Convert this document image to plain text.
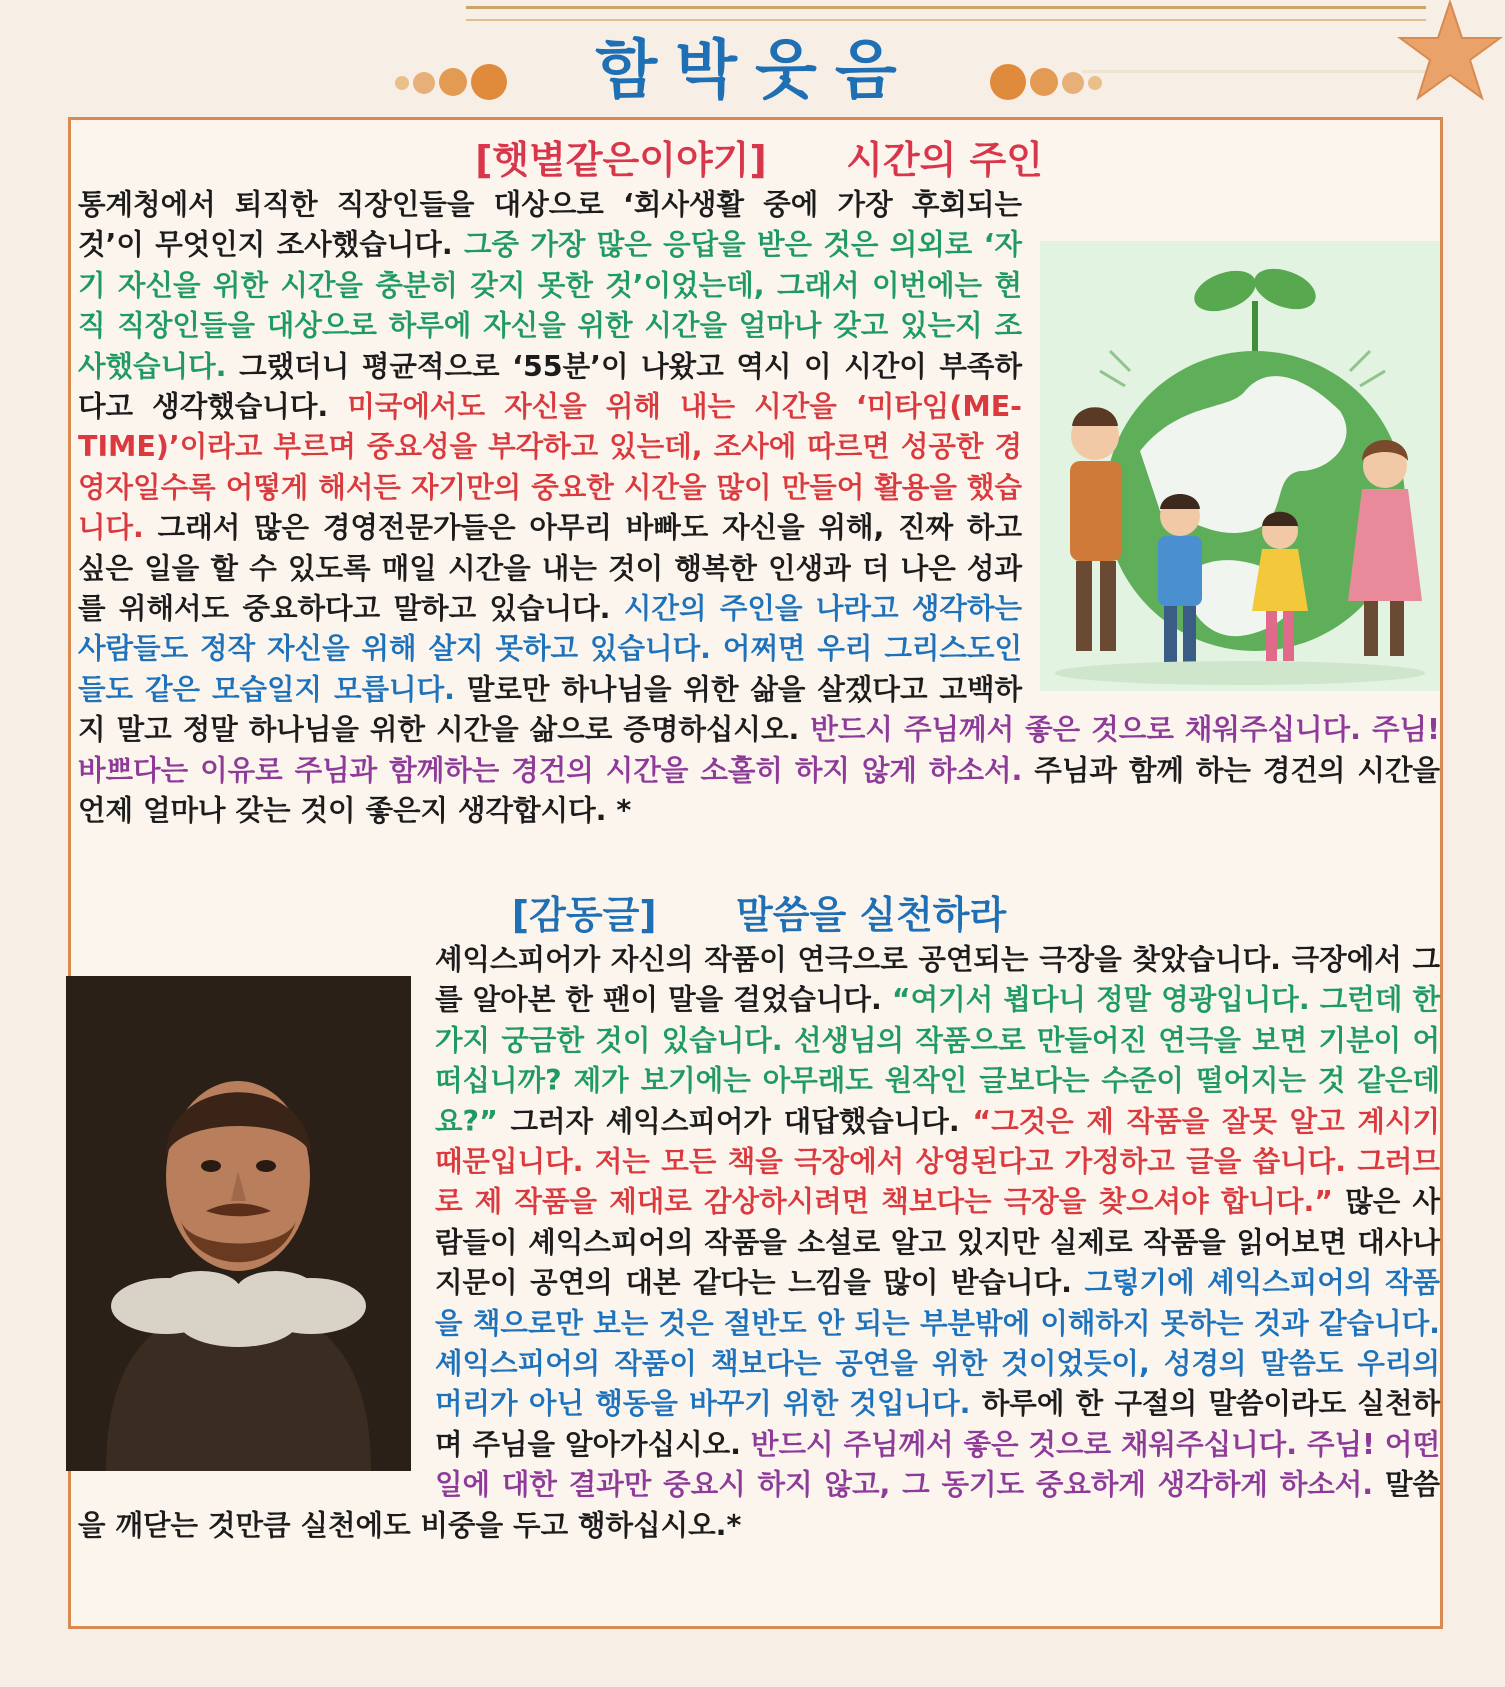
함박웃음
[햇볕같은이야기] 시간의 주인
통계청에서 퇴직한 직장인들을 대상으로 ‘회사생활 중에 가장 후회되는 것’이 무엇인지 조사했습니다. 그중 가장 많은 응답을 받은 것은 의외로 ‘자기 자신을 위한 시간을 충분히 갖지 못한 것’이었는데, 그래서 이번에는 현직 직장인들을 대상으로 하루에 자신을 위한 시간을 얼마나 갖고 있는지 조사했습니다. 그랬더니 평균적으로 ‘55분’이 나왔고 역시 이 시간이 부족하다고 생각했습니다. 미국에서도 자신을 위해 내는 시간을 ‘미타임(ME-TIME)’이라고 부르며 중요성을 부각하고 있는데, 조사에 따르면 성공한 경영자일수록 어떻게 해서든 자기만의 중요한 시간을 많이 만들어 활용을 했습니다. 그래서 많은 경영전문가들은 아무리 바빠도 자신을 위해, 진짜 하고 싶은 일을 할 수 있도록 매일 시간을 내는 것이 행복한 인생과 더 나은 성과를 위해서도 중요하다고 말하고 있습니다. 시간의 주인을 나라고 생각하는 사람들도 정작 자신을 위해 살지 못하고 있습니다. 어쩌면 우리 그리스도인들도 같은 모습일지 모릅니다. 말로만 하나님을 위한 삶을 살겠다고 고백하지 말고 정말 하나님을 위한 시간을 삶으로 증명하십시오. 반드시 주님께서 좋은 것으로 채워주십니다. 주님! 바쁘다는 이유로 주님과 함께하는 경건의 시간을 소홀히 하지 않게 하소서. 주님과 함께 하는 경건의 시간을 언제 얼마나 갖는 것이 좋은지 생각합시다. *
[감동글] 말씀을 실천하라
셰익스피어가 자신의 작품이 연극으로 공연되는 극장을 찾았습니다. 극장에서 그를 알아본 한 팬이 말을 걸었습니다. “여기서 뵙다니 정말 영광입니다. 그런데 한 가지 궁금한 것이 있습니다. 선생님의 작품으로 만들어진 연극을 보면 기분이 어떠십니까? 제가 보기에는 아무래도 원작인 글보다는 수준이 떨어지는 것 같은데요?” 그러자 셰익스피어가 대답했습니다. “그것은 제 작품을 잘못 알고 계시기 때문입니다. 저는 모든 책을 극장에서 상영된다고 가정하고 글을 씁니다. 그러므로 제 작품을 제대로 감상하시려면 책보다는 극장을 찾으셔야 합니다.” 많은 사람들이 셰익스피어의 작품을 소설로 알고 있지만 실제로 작품을 읽어보면 대사나 지문이 공연의 대본 같다는 느낌을 많이 받습니다. 그렇기에 셰익스피어의 작품을 책으로만 보는 것은 절반도 안 되는 부분밖에 이해하지 못하는 것과 같습니다. 셰익스피어의 작품이 책보다는 공연을 위한 것이었듯이, 성경의 말씀도 우리의 머리가 아닌 행동을 바꾸기 위한 것입니다. 하루에 한 구절의 말씀이라도 실천하며 주님을 알아가십시오. 반드시 주님께서 좋은 것으로 채워주십니다. 주님! 어떤 일에 대한 결과만 중요시 하지 않고, 그 동기도 중요하게 생각하게 하소서. 말씀을 깨닫는 것만큼 실천에도 비중을 두고 행하십시오.*
